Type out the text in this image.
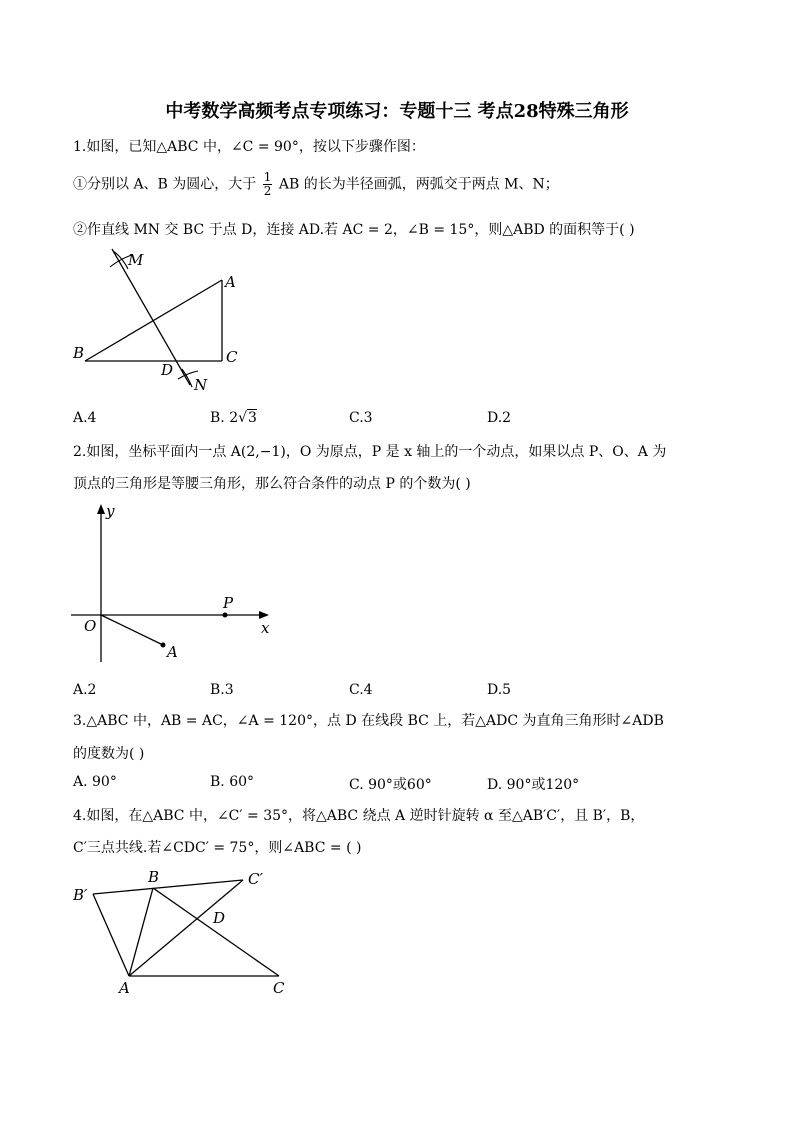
中考数学高频考点专项练习：专题十三 考点28特殊三角形
1.如图，已知△ABC 中，∠C = 90°，按以下步骤作图：
①分别以 A、B 为圆心，大于 $\frac{1}{2}$ AB 的长为半径画弧，两弧交于两点 M、N；
②作直线 MN 交 BC 于点 D，连接 AD.若 AC = 2，∠B = 15°，则△ABD 的面积等于( )
M
A
B	C
D
N
A.4	B. 2√3	C.3	D.2
2.如图，坐标平面内一点 A(2,−1)，O 为原点，P 是 x 轴上的一个动点，如果以点 P、O、A 为
顶点的三角形是等腰三角形，那么符合条件的动点 P 的个数为( )
y
x
O
P
A
A.2	B.3	C.4	D.5
3.△ABC 中，AB = AC，∠A = 120°，点 D 在线段 BC 上，若△ADC 为直角三角形时∠ADB
的度数为( )
A. 90°	B. 60°	C. 90°或60°	D. 90°或120°
4.如图，在△ABC 中，∠C′ = 35°，将△ABC 绕点 A 逆时针旋转 α 至△AB′C′，且 B′，B，
C′三点共线.若∠CDC′ = 75°，则∠ABC = ( )
B′
B	C′
D
A	C
